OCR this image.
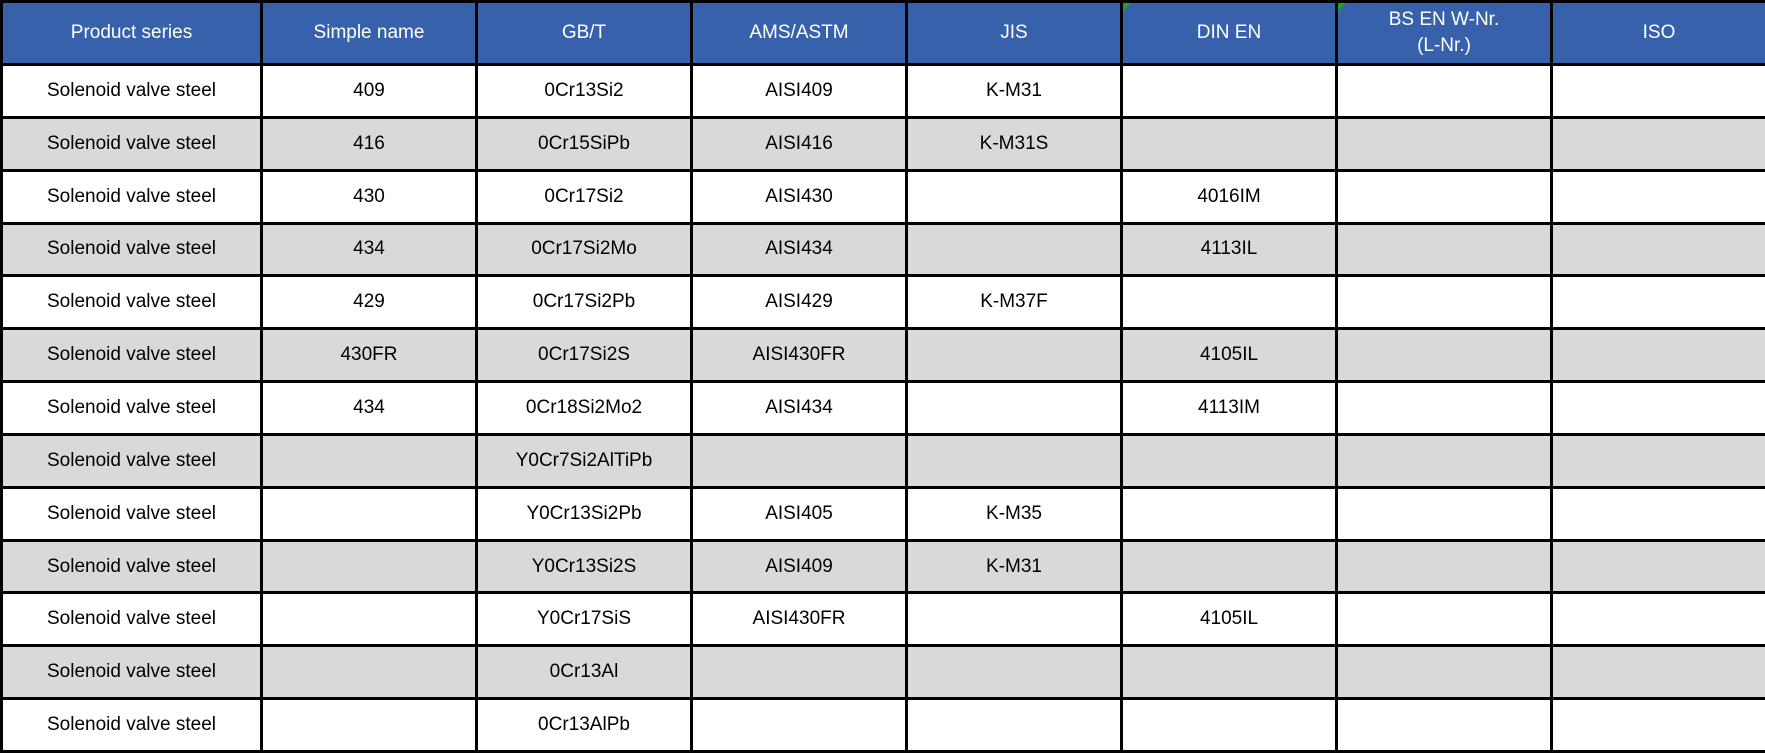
Product series	Simple name	GB/T	AMS/ASTM	JIS	DIN EN	BS EN W-Nr.
(L-Nr.)	ISO

Solenoid valve steel	409	0Cr13Si2	AISI409	K-M31			
Solenoid valve steel	416	0Cr15SiPb	AISI416	K-M31S			
Solenoid valve steel	430	0Cr17Si2	AISI430		4016IM		
Solenoid valve steel	434	0Cr17Si2Mo	AISI434		4113IL		
Solenoid valve steel	429	0Cr17Si2Pb	AISI429	K-M37F			
Solenoid valve steel	430FR	0Cr17Si2S	AISI430FR		4105IL		
Solenoid valve steel	434	0Cr18Si2Mo2	AISI434		4113IM		
Solenoid valve steel		Y0Cr7Si2AlTiPb					
Solenoid valve steel		Y0Cr13Si2Pb	AISI405	K-M35			
Solenoid valve steel		Y0Cr13Si2S	AISI409	K-M31			
Solenoid valve steel		Y0Cr17SiS	AISI430FR		4105IL		
Solenoid valve steel		0Cr13Al					
Solenoid valve steel		0Cr13AlPb					
